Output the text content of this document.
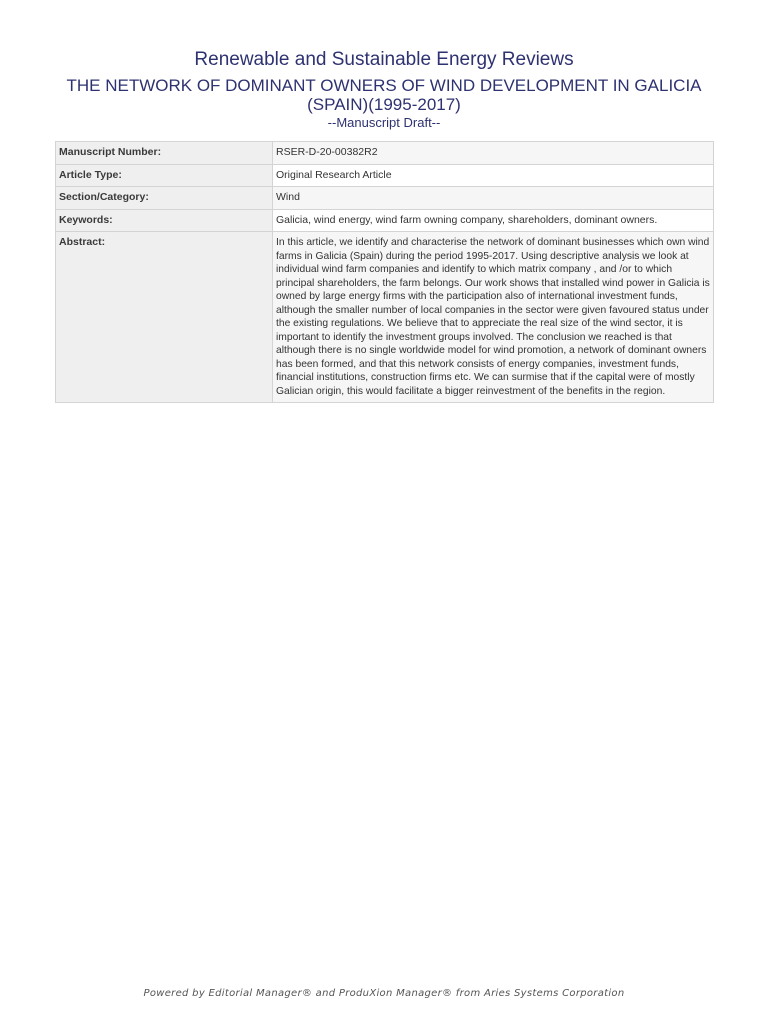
Renewable and Sustainable Energy Reviews
THE NETWORK OF DOMINANT OWNERS OF WIND DEVELOPMENT IN GALICIA (SPAIN)(1995-2017)
--Manuscript Draft--
Manuscript Number:	RSER-D-20-00382R2
Article Type:	Original Research Article
Section/Category:	Wind
Keywords:	Galicia, wind energy, wind farm owning company, shareholders, dominant owners.
Abstract:	In this article, we identify and characterise the network of dominant businesses which own wind farms in Galicia (Spain) during the period 1995-2017. Using descriptive analysis we look at individual wind farm companies and identify to which matrix company , and /or to which principal shareholders, the farm belongs. Our work shows that installed wind power in Galicia is owned by large energy firms with the participation also of international investment funds, although the smaller number of local companies in the sector were given favoured status under the existing regulations. We believe that to appreciate the real size of the wind sector, it is important to identify the investment groups involved. The conclusion we reached is that although there is no single worldwide model for wind promotion, a network of dominant owners has been formed, and that this network consists of energy companies, investment funds, financial institutions, construction firms etc. We can surmise that if the capital were of mostly Galician origin, this would facilitate a bigger reinvestment of the benefits in the region.
Powered by Editorial Manager® and ProduXion Manager® from Aries Systems Corporation
